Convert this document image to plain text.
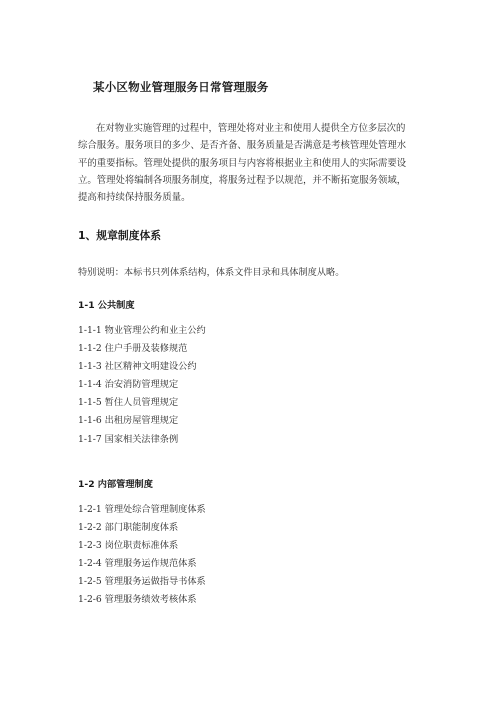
某小区物业管理服务日常管理服务

在对物业实施管理的过程中，管理处将对业主和使用人提供全方位多层次的

综合服务。服务项目的多少、是否齐备、服务质量是否满意是考核管理处管理水

平的重要指标。管理处提供的服务项目与内容将根据业主和使用人的实际需要设

立。管理处将编制各项服务制度，将服务过程予以规范，并不断拓宽服务领域，

提高和持续保持服务质量。

1、规章制度体系
特别说明：本标书只列体系结构，体系文件目录和具体制度从略。
1-1 公共制度
1-1-1 物业管理公约和业主公约
1-1-2 住户手册及装修规范
1-1-3 社区精神文明建设公约
1-1-4 治安消防管理规定
1-1-5 暂住人员管理规定
1-1-6 出租房屋管理规定
1-1-7 国家相关法律条例
1-2 内部管理制度
1-2-1 管理处综合管理制度体系
1-2-2 部门职能制度体系
1-2-3 岗位职责标准体系
1-2-4 管理服务运作规范体系
1-2-5 管理服务运做指导书体系
1-2-6 管理服务绩效考核体系
